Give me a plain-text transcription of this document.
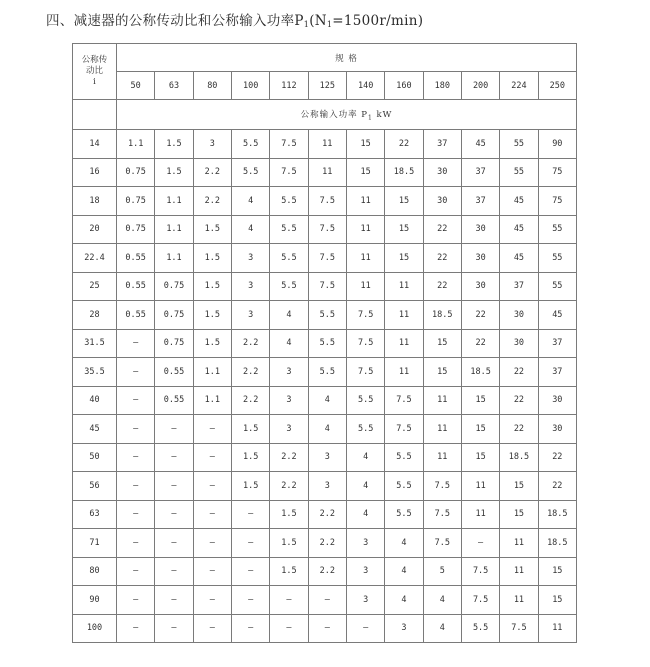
四、减速器的公称传动比和公称输入功率$P_1(N_1=1500r/\min)$
公称传
动比
i	规 格											
	50	63	80	100	112	125	140	160	180	200	224	250
	公称输入功率 $P_1$ kW											
14	1.1	1.5	3	5.5	7.5	11	15	22	37	45	55	90
16	0.75	1.5	2.2	5.5	7.5	11	15	18.5	30	37	55	75
18	0.75	1.1	2.2	4	5.5	7.5	11	15	30	37	45	75
20	0.75	1.1	1.5	4	5.5	7.5	11	15	22	30	45	55
22.4	0.55	1.1	1.5	3	5.5	7.5	11	15	22	30	45	55
25	0.55	0.75	1.5	3	5.5	7.5	11	11	22	30	37	55
28	0.55	0.75	1.5	3	4	5.5	7.5	11	18.5	22	30	45
31.5	–	0.75	1.5	2.2	4	5.5	7.5	11	15	22	30	37
35.5	–	0.55	1.1	2.2	3	5.5	7.5	11	15	18.5	22	37
40	–	0.55	1.1	2.2	3	4	5.5	7.5	11	15	22	30
45	–	–	–	1.5	3	4	5.5	7.5	11	15	22	30
50	–	–	–	1.5	2.2	3	4	5.5	11	15	18.5	22
56	–	–	–	1.5	2.2	3	4	5.5	7.5	11	15	22
63	–	–	–	–	1.5	2.2	4	5.5	7.5	11	15	18.5
71	–	–	–	–	1.5	2.2	3	4	7.5	–	11	18.5
80	–	–	–	–	1.5	2.2	3	4	5	7.5	11	15
90	–	–	–	–	–	–	3	4	4	7.5	11	15
100	–	–	–	–	–	–	–	3	4	5.5	7.5	11
